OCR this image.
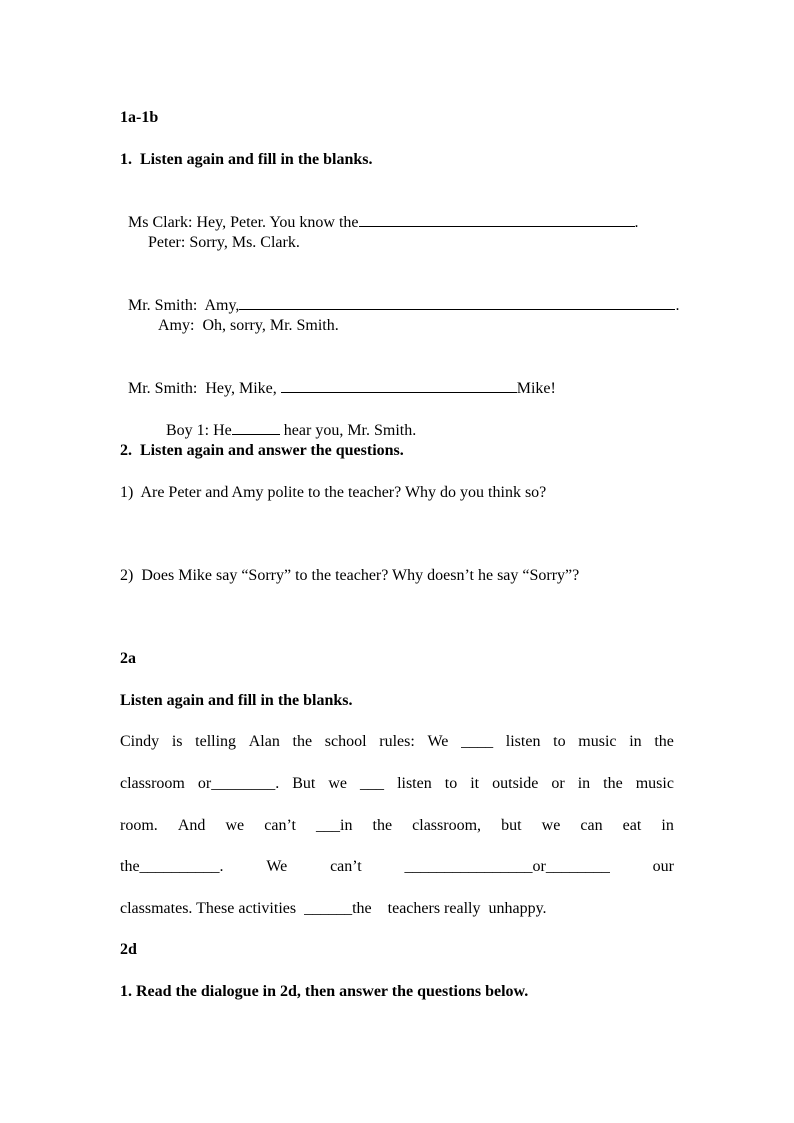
1a-1b
1.  Listen again and fill in the blanks.

Ms Clark: Hey, Peter. You know the	.

Peter: Sorry, Ms. Clark.

Mr. Smith:  Amy,	.

Amy:  Oh, sorry, Mr. Smith.

Mr. Smith:  Hey, Mike,	Mike!

Boy 1: He	hear you, Mr. Smith.

2.  Listen again and answer the questions.
1)  Are Peter and Amy polite to the teacher? Why do you think so?
2)  Does Mike say “Sorry” to the teacher? Why doesn’t he say “Sorry”?
2a
Listen again and fill in the blanks.
Cindy is telling Alan the school rules: We ____ listen to music in the
classroom or________. But we ___ listen to it outside or in the music
room. And we can’t ___in the classroom, but we can eat in
the__________.	We	can’t	________________or________	our
classmates. These activities  ______the    teachers really  unhappy.
2d
1. Read the dialogue in 2d, then answer the questions below.
